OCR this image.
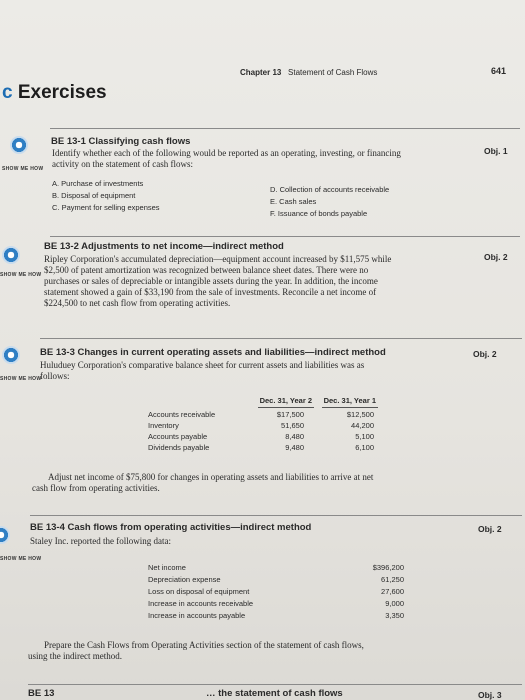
Chapter 13 Statement of Cash Flows	641
c Exercises
SHOW ME HOW
BE 13-1 Classifying cash flows
Obj. 1
Identify whether each of the following would be reported as an operating, investing, or financing
activity on the statement of cash flows:
A. Purchase of investments
B. Disposal of equipment
C. Payment for selling expenses
D. Collection of accounts receivable
E. Cash sales
F. Issuance of bonds payable
SHOW ME HOW
BE 13-2 Adjustments to net income—indirect method
Obj. 2
Ripley Corporation's accumulated depreciation—equipment account increased by $11,575 while
$2,500 of patent amortization was recognized between balance sheet dates. There were no
purchases or sales of depreciable or intangible assets during the year. In addition, the income
statement showed a gain of $33,190 from the sale of investments. Reconcile a net income of
$224,500 to net cash flow from operating activities.
SHOW ME HOW
BE 13-3 Changes in current operating assets and liabilities—indirect method	Obj. 2
Huluduey Corporation's comparative balance sheet for current assets and liabilities was as
follows:
Dec. 31, Year 2	Dec. 31, Year 1
Accounts receivable	$17,500	$12,500
Inventory	51,650	44,200
Accounts payable	8,480	5,100
Dividends payable	9,480	6,100
Adjust net income of $75,800 for changes in operating assets and liabilities to arrive at net
cash flow from operating activities.
SHOW ME HOW
BE 13-4 Cash flows from operating activities—indirect method	Obj. 2
Staley Inc. reported the following data:
Net income	$396,200
Depreciation expense	61,250
Loss on disposal of equipment	27,600
Increase in accounts receivable	9,000
Increase in accounts payable	3,350
Prepare the Cash Flows from Operating Activities section of the statement of cash flows,
using the indirect method.
BE 13	… the statement of cash flows	Obj. 3
